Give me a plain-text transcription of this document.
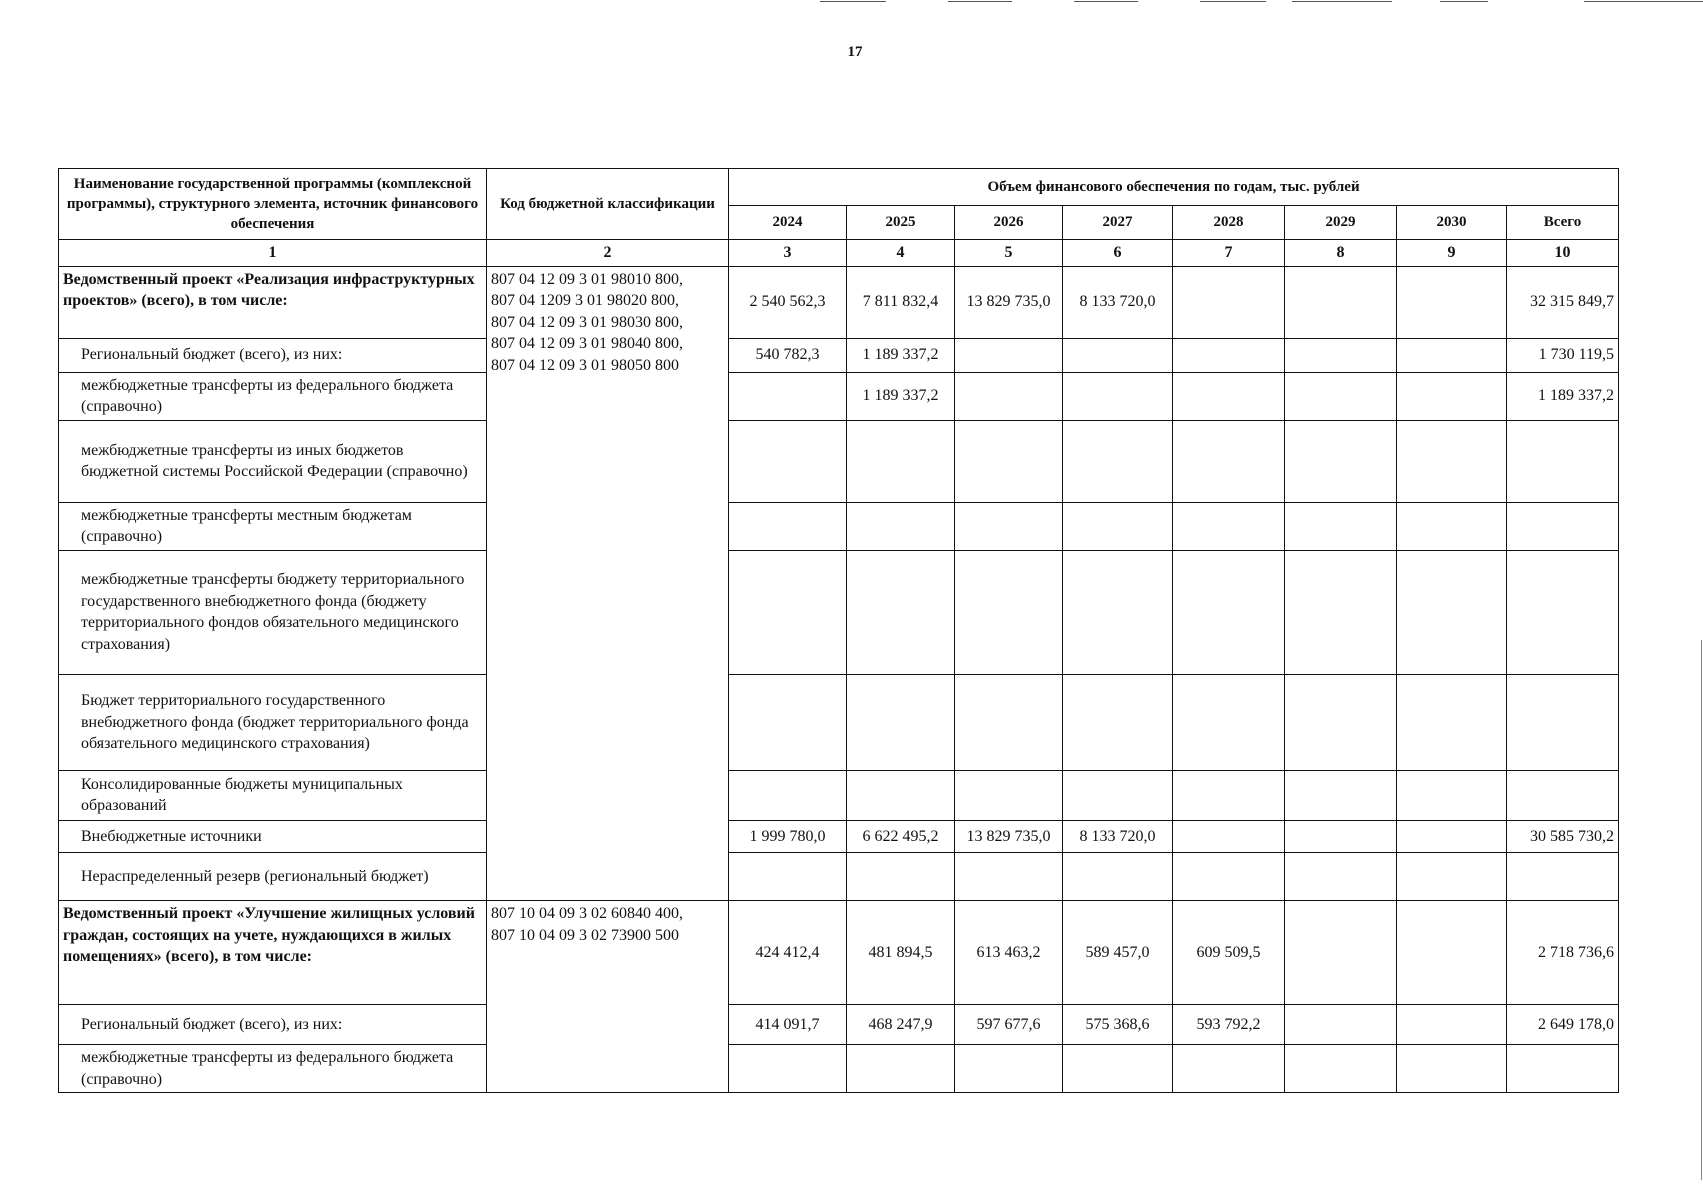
17
Наименование государственной программы (комплексной программы), структурного элемента, источник финансового обеспечения	Код бюджетной классификации	Объем финансового обеспечения по годам, тыс. рублей							
		2024	2025	2026	2027	2028	2029	2030	Всего
1	2	3	4	5	6	7	8	9	10
Ведомственный проект «Реализация инфраструктурных проектов» (всего), в том числе:	807 04 12 09 3 01 98010 800,
807 04 1209 3 01 98020 800,
807 04 12 09 3 01 98030 800,
807 04 12 09 3 01 98040 800,
807 04 12 09 3 01 98050 800	2 540 562,3	7 811 832,4	13 829 735,0	8 133 720,0				32 315 849,7
Региональный бюджет (всего), из них:		540 782,3	1 189 337,2						1 730 119,5
межбюджетные трансферты из федерального бюджета (справочно)			1 189 337,2						1 189 337,2
межбюджетные трансферты из иных бюджетов бюджетной системы Российской Федерации (справочно)									
межбюджетные трансферты местным бюджетам (справочно)									
межбюджетные трансферты бюджету территориального государственного внебюджетного фонда (бюджету территориального фондов обязательного медицинского страхования)									
Бюджет территориального государственного внебюджетного фонда (бюджет территориального фонда обязательного медицинского страхования)									
Консолидированные бюджеты муниципальных образований									
Внебюджетные источники		1 999 780,0	6 622 495,2	13 829 735,0	8 133 720,0				30 585 730,2
Нераспределенный резерв (региональный бюджет)									
Ведомственный проект «Улучшение жилищных условий граждан, состоящих на учете, нуждающихся в жилых помещениях» (всего), в том числе:	807 10 04 09 3 02 60840 400,
807 10 04 09 3 02 73900 500	424 412,4	481 894,5	613 463,2	589 457,0	609 509,5			2 718 736,6
Региональный бюджет (всего), из них:		414 091,7	468 247,9	597 677,6	575 368,6	593 792,2			2 649 178,0
межбюджетные трансферты из федерального бюджета (справочно)									
